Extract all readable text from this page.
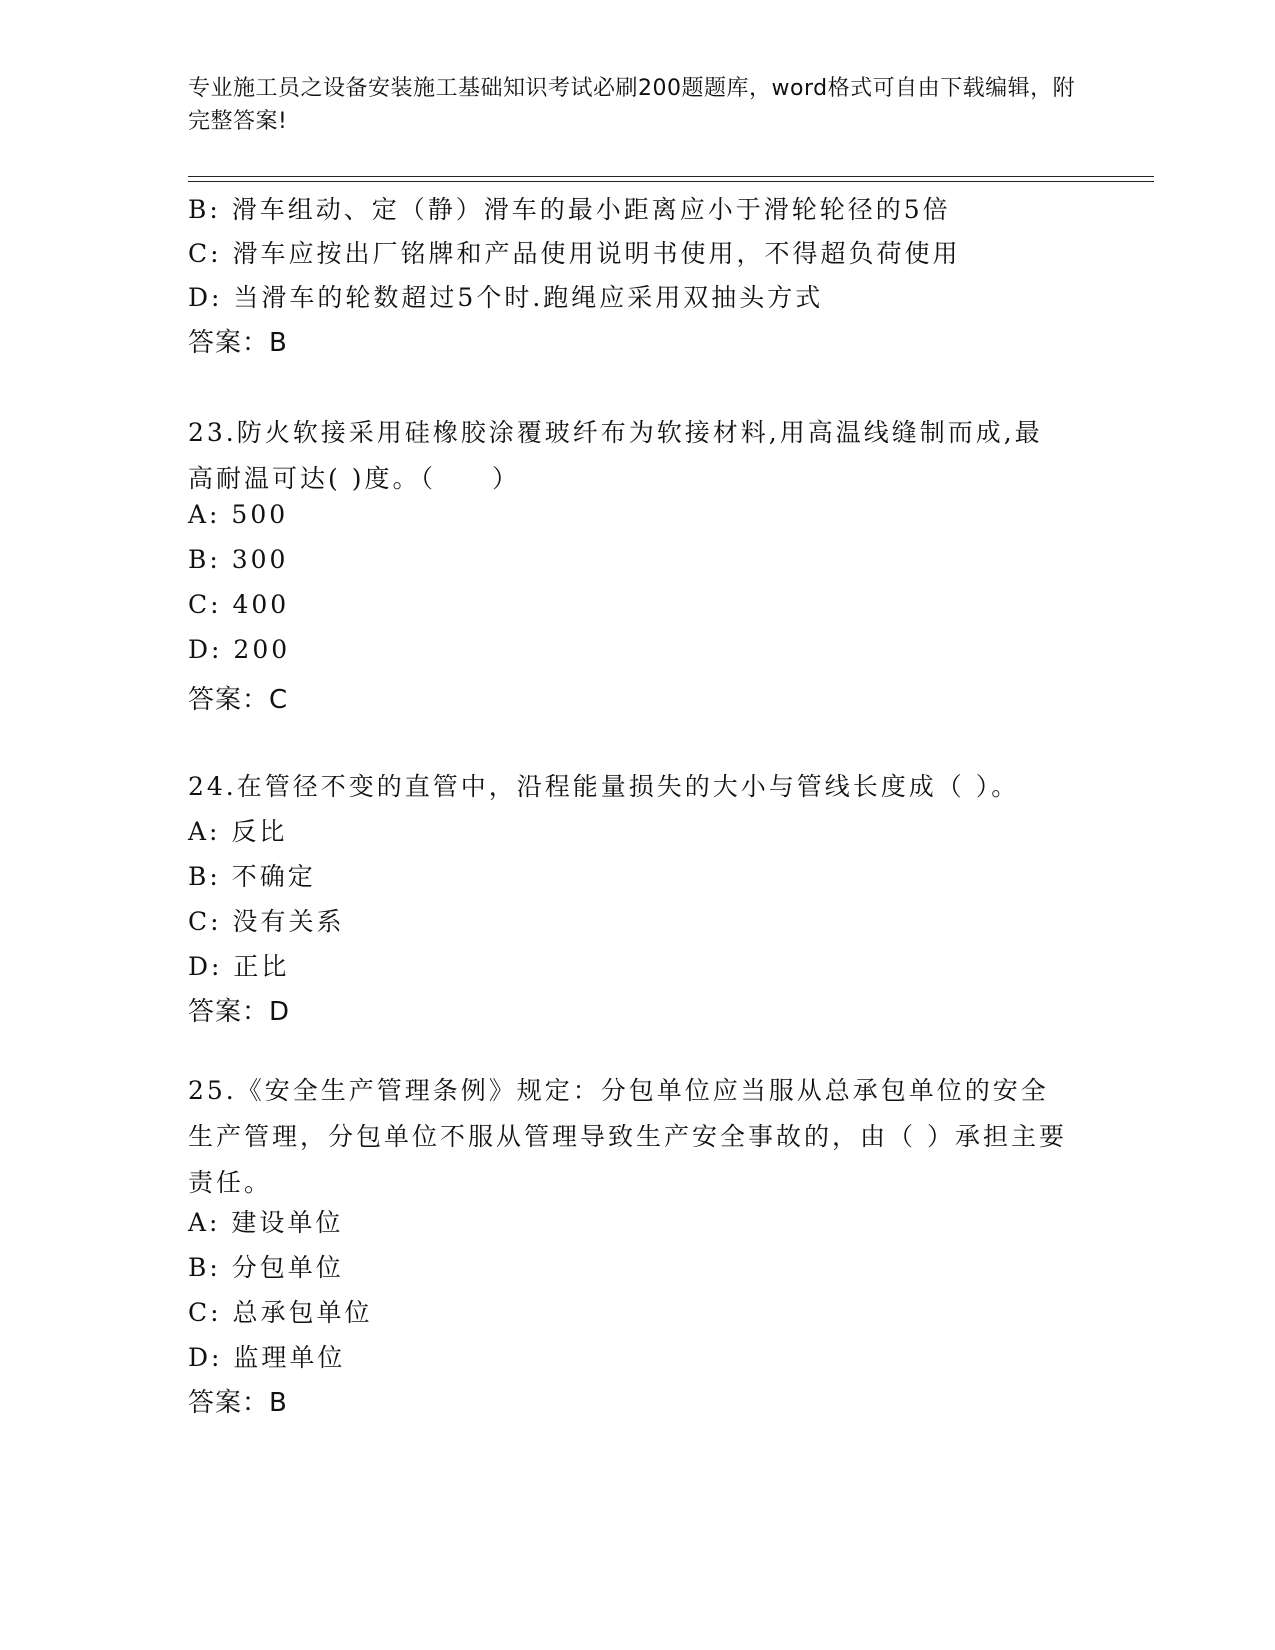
专业施工员之设备安装施工基础知识考试必刷200题题库，word格式可自由下载编辑，附完整答案!
B: 滑车组动、定（静）滑车的最小距离应小于滑轮轮径的5倍
C: 滑车应按出厂铭牌和产品使用说明书使用，不得超负荷使用
D: 当滑车的轮数超过5个时.跑绳应采用双抽头方式
答案：B
23.防火软接采用硅橡胶涂覆玻纤布为软接材料,用高温线缝制而成,最高耐温可达( )度。（　　）
A: 500
B: 300
C: 400
D: 200
答案：C
24.在管径不变的直管中，沿程能量损失的大小与管线长度成（ ）。
A: 反比
B: 不确定
C: 没有关系
D: 正比
答案：D
25.《安全生产管理条例》规定：分包单位应当服从总承包单位的安全生产管理，分包单位不服从管理导致生产安全事故的，由（ ）承担主要责任。
A: 建设单位
B: 分包单位
C: 总承包单位
D: 监理单位
答案：B
